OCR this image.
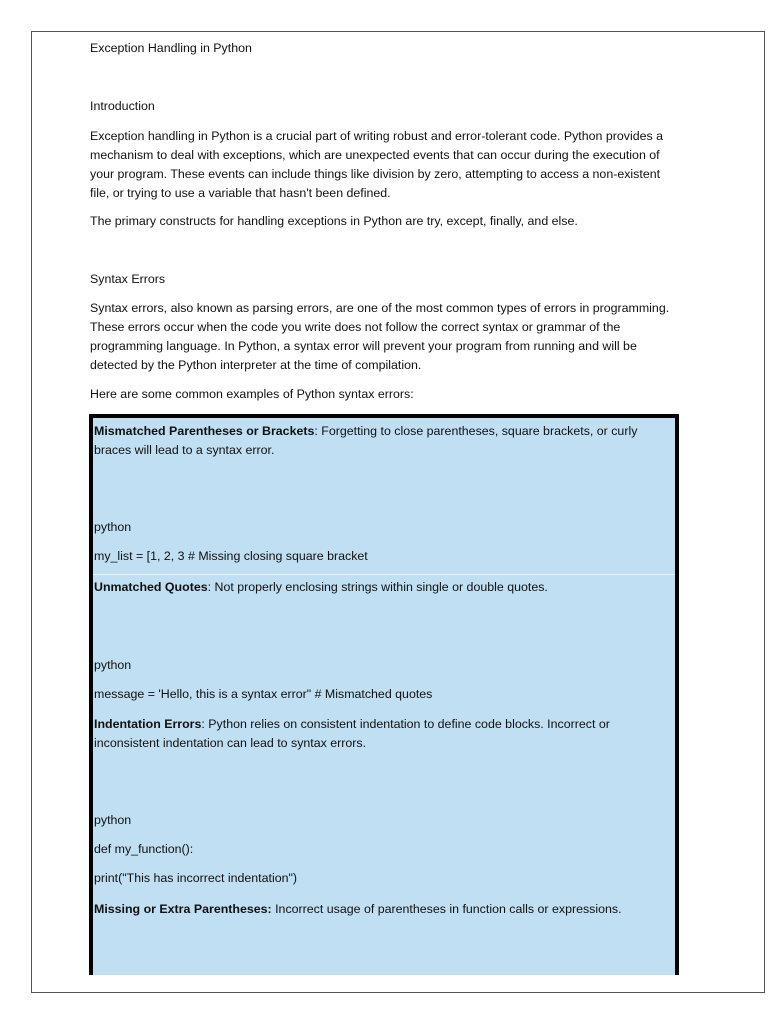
Exception Handling in Python

Introduction

Exception handling in Python is a crucial part of writing robust and error-tolerant code. Python provides a mechanism to deal with exceptions, which are unexpected events that can occur during the execution of your program. These events can include things like division by zero, attempting to access a non-existent file, or trying to use a variable that hasn't been defined.

The primary constructs for handling exceptions in Python are try, except, finally, and else.

Syntax Errors

Syntax errors, also known as parsing errors, are one of the most common types of errors in programming. These errors occur when the code you write does not follow the correct syntax or grammar of the programming language. In Python, a syntax error will prevent your program from running and will be detected by the Python interpreter at the time of compilation.

Here are some common examples of Python syntax errors:

Mismatched Parentheses or Brackets: Forgetting to close parentheses, square brackets, or curly braces will lead to a syntax error.

python

my_list = [1, 2, 3 # Missing closing square bracket

Unmatched Quotes: Not properly enclosing strings within single or double quotes.

python

message = 'Hello, this is a syntax error" # Mismatched quotes

Indentation Errors: Python relies on consistent indentation to define code blocks. Incorrect or inconsistent indentation can lead to syntax errors.

python

def my_function():

print("This has incorrect indentation")

Missing or Extra Parentheses: Incorrect usage of parentheses in function calls or expressions.
